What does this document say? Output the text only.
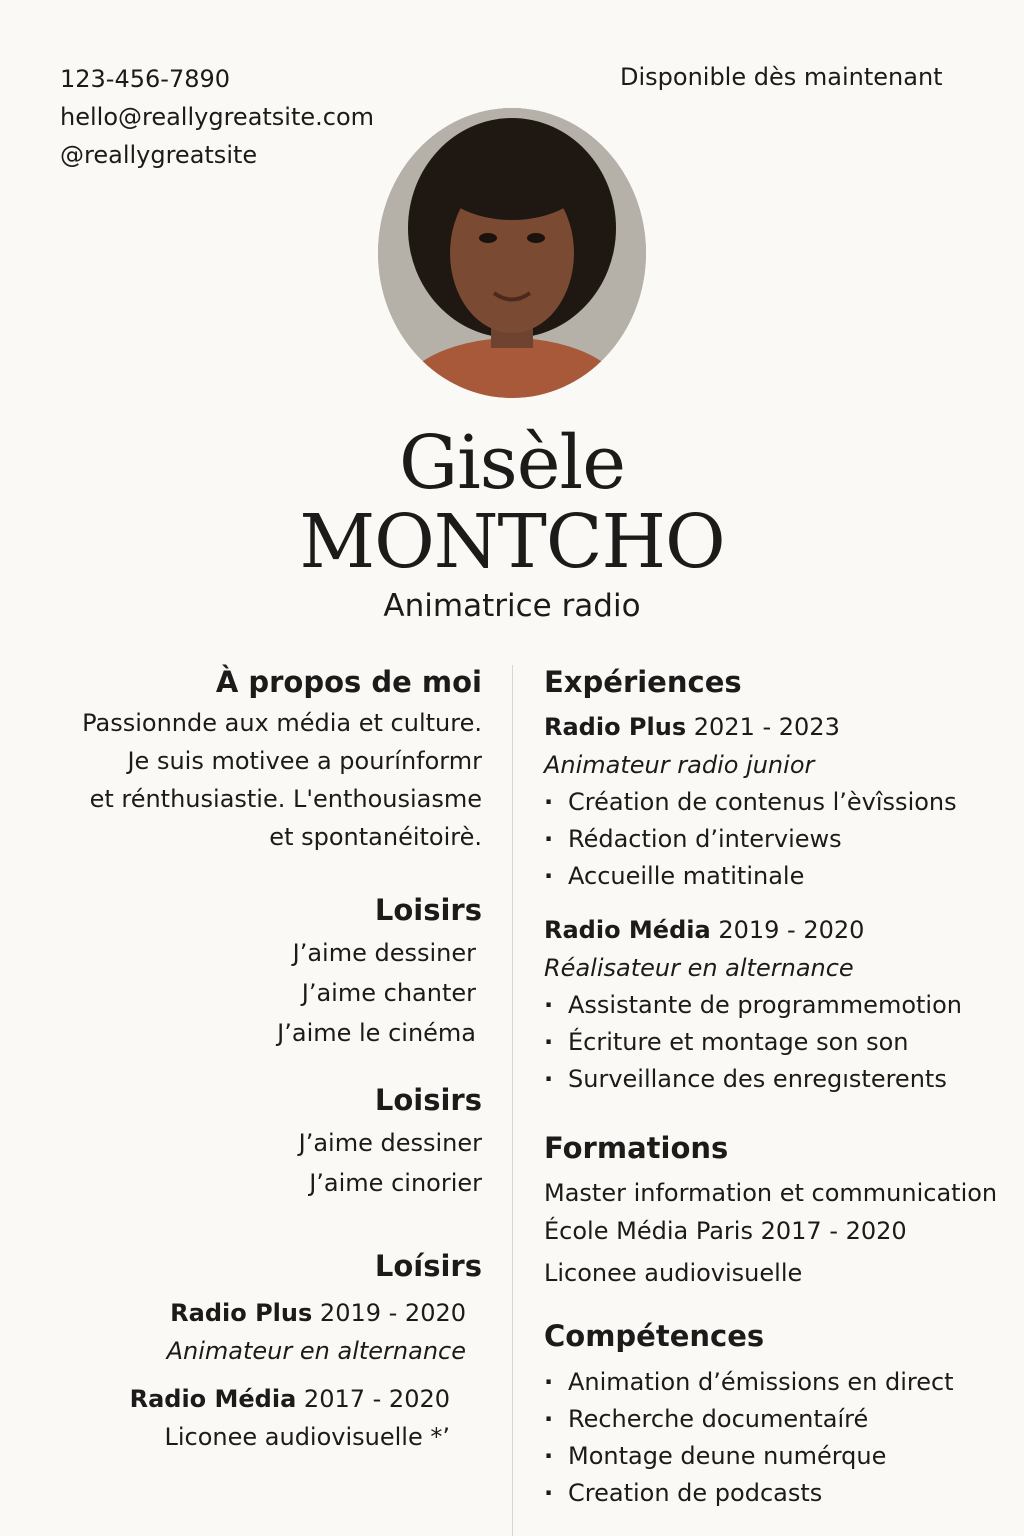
123-456-7890
hello@reallygreatsite.com
@reallygreatsite
Disponible dès maintenant
Gisèle
MONTCHO
Animatrice radio
À propos de moi
Passionnde aux média et culture.
Je suis motivee a pourínformr
et rénthusiastie. L'enthousiasme
et spontanéitoirè.
Loisirs
J’aime dessiner
J’aime chanter
J’aime le cinéma
Loisirs
J’aime dessiner
J’aime cinorier
Loísirs
Radio Plus 2019 - 2020
Animateur en alternance
Radio Média 2017 - 2020
Liconee audiovisuelle *’
Expériences
Radio Plus 2021 - 2023
Animateur radio junior
· Création de contenus l’èvîssions
· Rédaction d’interviews
· Accueille matitinale
Radio Média 2019 - 2020
Réalisateur en alternance
· Assistante de programmemotion
· Écriture et montage son son
· Surveillance des enregısterents
Formations
Master information et communication
École Média Paris 2017 - 2020
Liconee audiovisuelle
Compétences
· Animation d’émissions en direct
· Recherche documentaíré
· Montage deune numérque
· Creation de podcasts
